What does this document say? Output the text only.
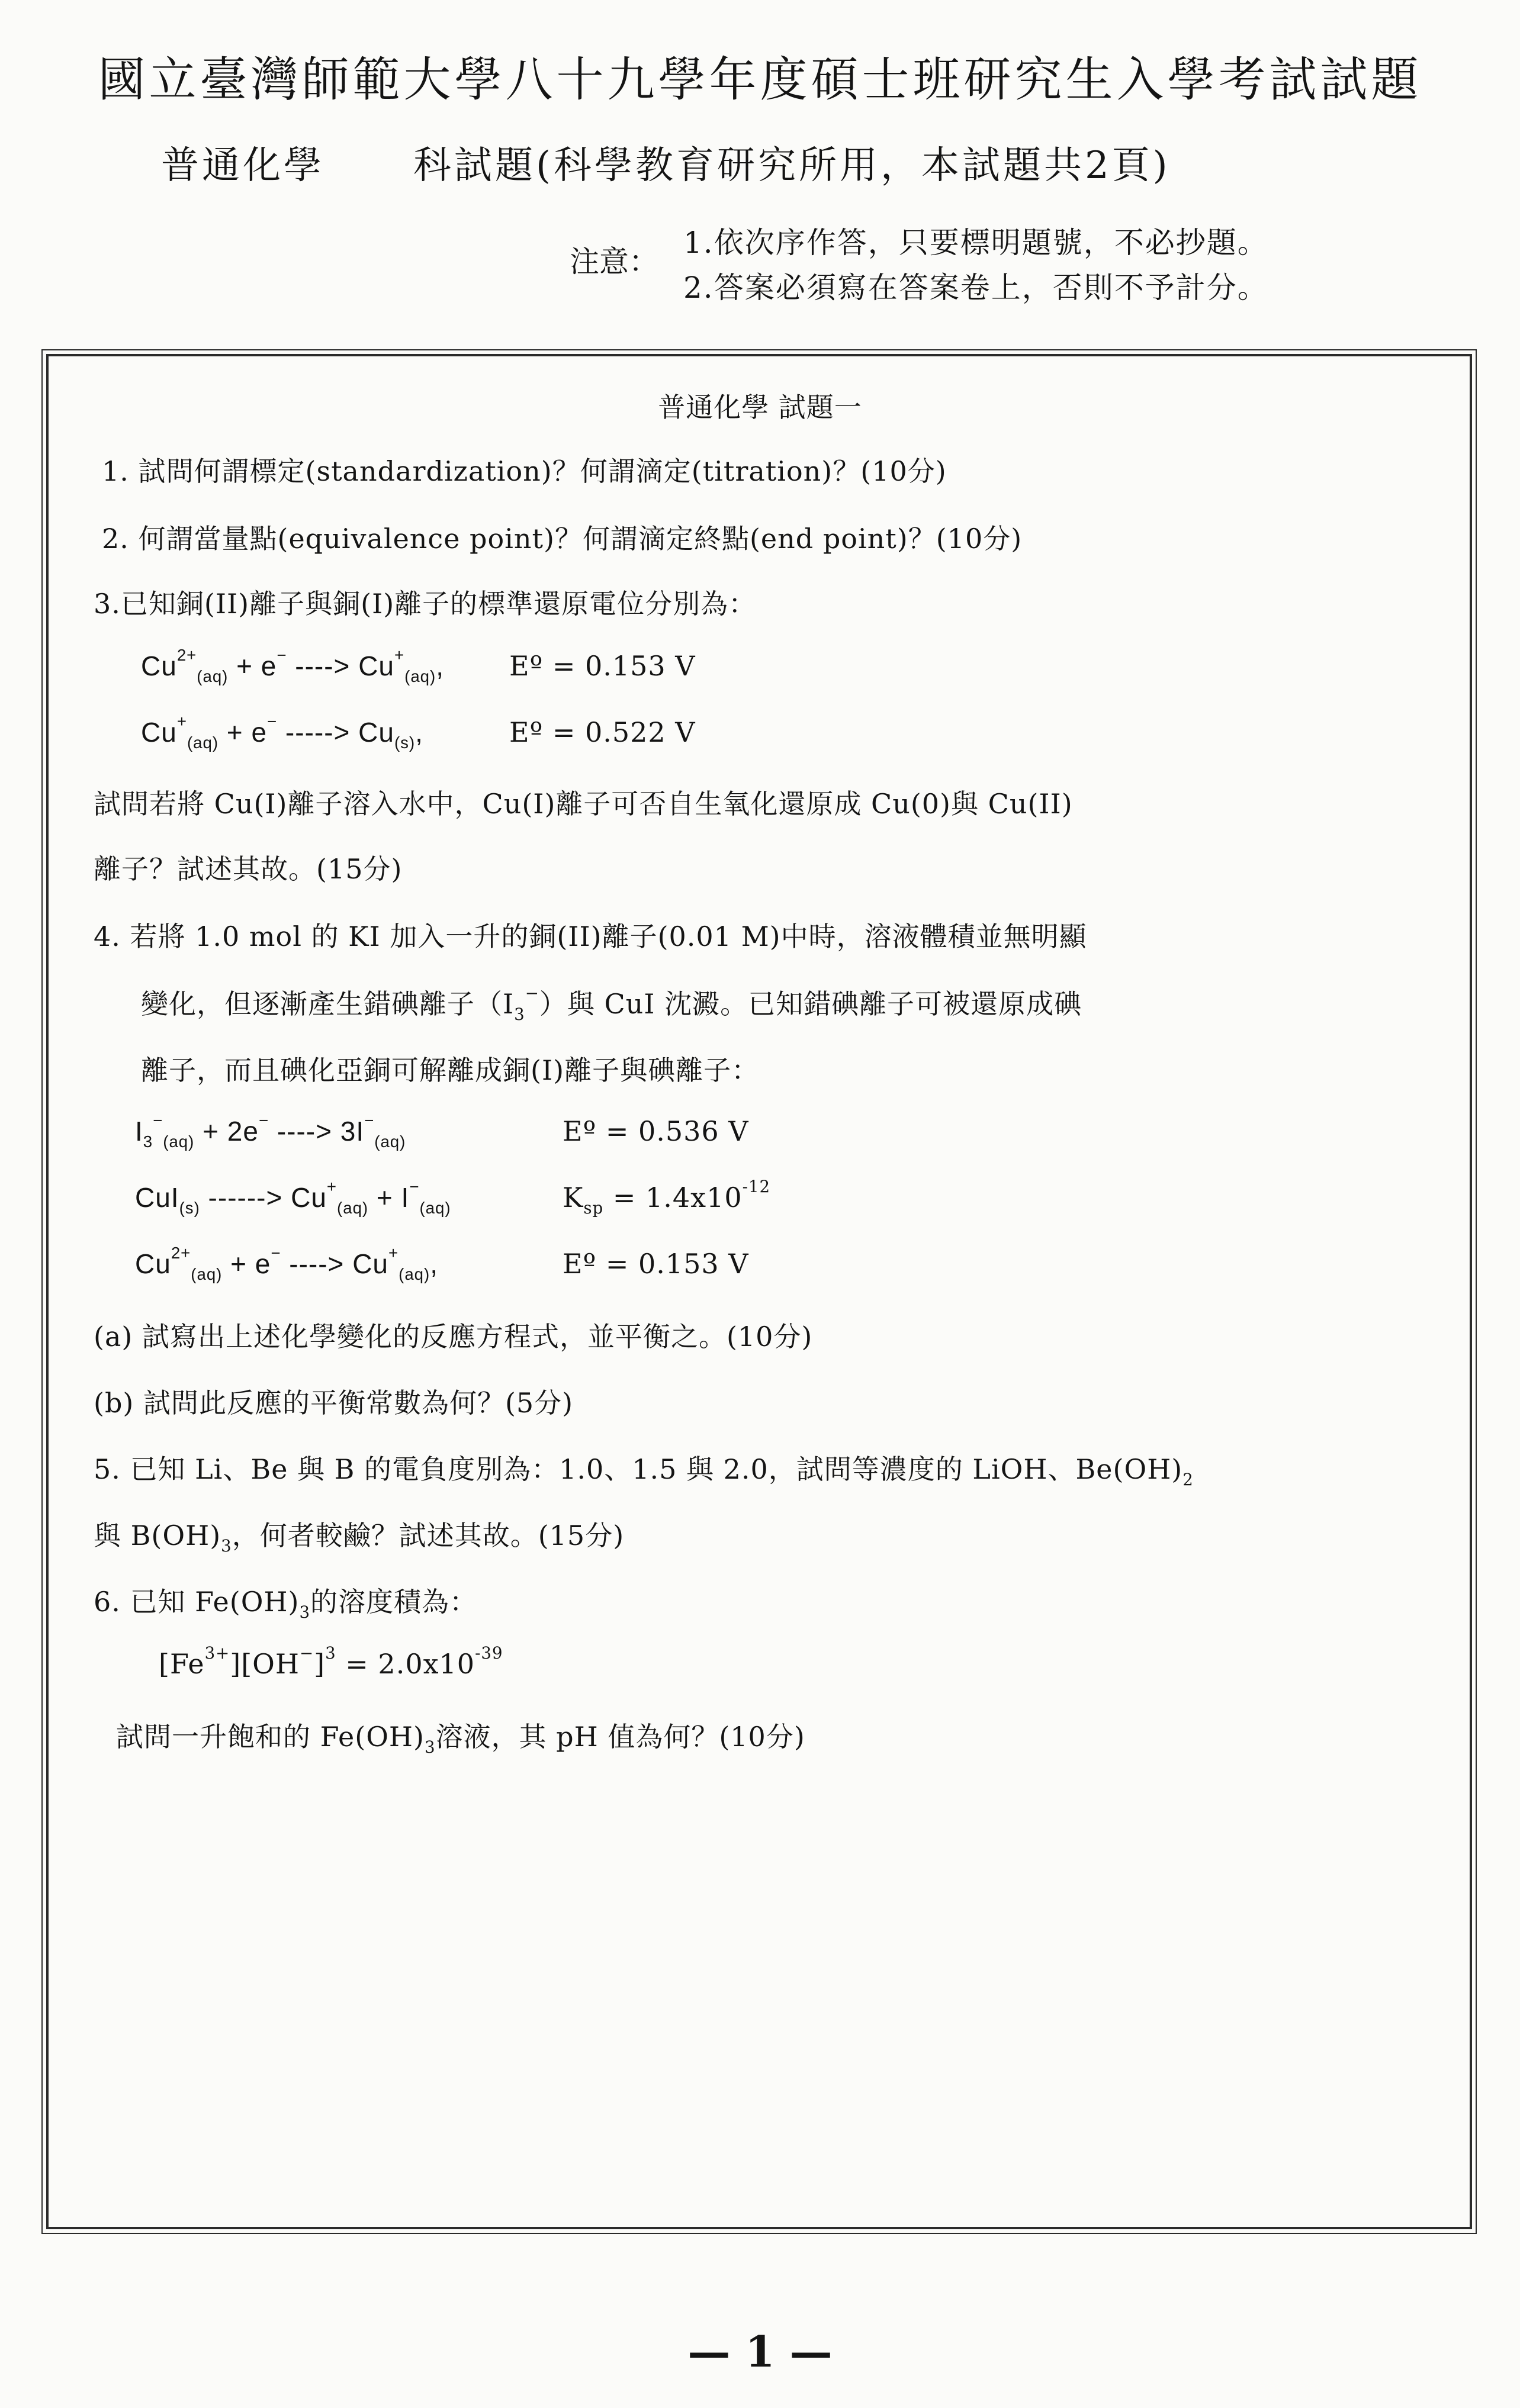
國立臺灣師範大學八十九學年度碩士班研究生入學考試試題
普通化學 科試題(科學教育研究所用，本試題共2頁)
注意：
1.依次序作答，只要標明題號，不必抄題。
2.答案必須寫在答案卷上，否則不予計分。
普通化學 試題一
1. 試問何謂標定(standardization)？何謂滴定(titration)？(10分)
2. 何謂當量點(equivalence point)？何謂滴定終點(end point)？(10分)
3.已知銅(II)離子與銅(I)離子的標準還原電位分別為：
$Cu^{2+}_{(aq)} + e^-$ ----> $Cu^+_{(aq)}$, Eº = 0.153 V
$Cu^+_{(aq)} + e^-$ -----> $Cu_{(s)}$,	Eº = 0.522 V
試問若將 Cu(I)離子溶入水中，Cu(I)離子可否自生氧化還原成 Cu(0)與 Cu(II)
離子？試述其故。(15分)
4. 若將 1.0 mol 的 KI 加入一升的銅(II)離子(0.01 M)中時，溶液體積並無明顯
變化，但逐漸產生錯碘離子$(I_3^-)$與 CuI 沈澱。已知錯碘離子可被還原成碘
離子，而且碘化亞銅可解離成銅(I)離子與碘離子：
$I_3^-_{(aq)} + 2e^-$ ----> $3I^-_{(aq)}$	Eº = 0.536 V
CuI$_{(s)}$ ------> $Cu^+_{(aq)} + I^-_{(aq)}$	$K_{sp} = 1.4x10^{-12}$
$Cu^{2+}_{(aq)} + e^-$ ----> $Cu^+_{(aq)}$,	Eº = 0.153 V
(a) 試寫出上述化學變化的反應方程式，並平衡之。(10分)
(b) 試問此反應的平衡常數為何？(5分)
5. 已知 Li、Be 與 B 的電負度別為：1.0、1.5 與 2.0，試問等濃度的 LiOH、$Be(OH)_2$
與 $B(OH)_3$，何者較鹼？試述其故。(15分)
6. 已知 $Fe(OH)_3$的溶度積為：
$[Fe^{3+}][OH^-]^3 = 2.0x10^{-39}$
試問一升飽和的 $Fe(OH)_3$溶液，其 pH 值為何？(10分)
— 1 —
